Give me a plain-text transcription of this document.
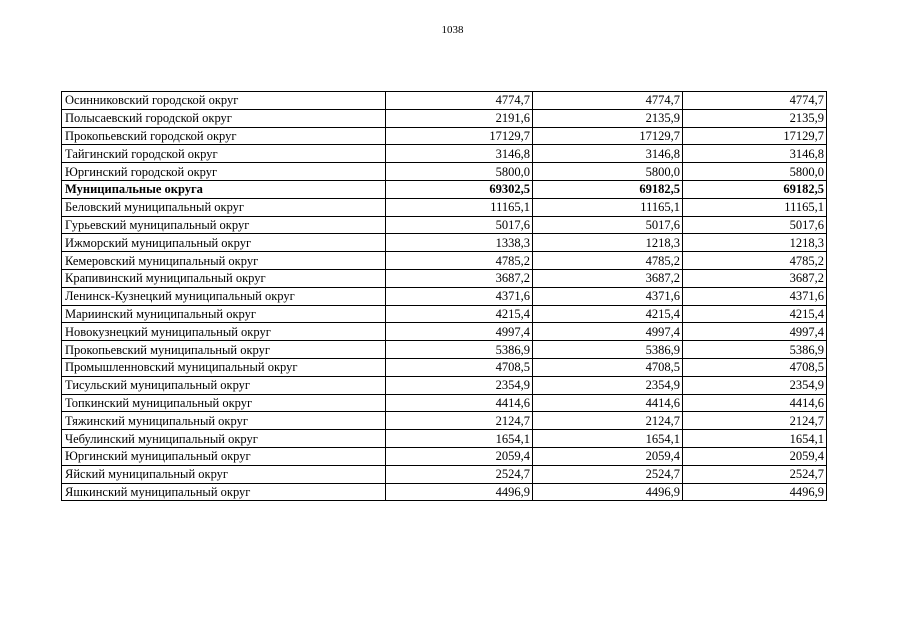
1038
Осинниковский городской округ	4774,7	4774,7	4774,7
Полысаевский городской округ	2191,6	2135,9	2135,9
Прокопьевский городской округ	17129,7	17129,7	17129,7
Тайгинский городской округ	3146,8	3146,8	3146,8
Юргинский городской округ	5800,0	5800,0	5800,0
Муниципальные округа	69302,5	69182,5	69182,5
Беловский муниципальный округ	11165,1	11165,1	11165,1
Гурьевский муниципальный округ	5017,6	5017,6	5017,6
Ижморский муниципальный округ	1338,3	1218,3	1218,3
Кемеровский муниципальный округ	4785,2	4785,2	4785,2
Крапивинский муниципальный округ	3687,2	3687,2	3687,2
Ленинск-Кузнецкий муниципальный округ	4371,6	4371,6	4371,6
Мариинский муниципальный округ	4215,4	4215,4	4215,4
Новокузнецкий муниципальный округ	4997,4	4997,4	4997,4
Прокопьевский муниципальный округ	5386,9	5386,9	5386,9
Промышленновский муниципальный округ	4708,5	4708,5	4708,5
Тисульский муниципальный округ	2354,9	2354,9	2354,9
Топкинский муниципальный округ	4414,6	4414,6	4414,6
Тяжинский муниципальный округ	2124,7	2124,7	2124,7
Чебулинский муниципальный округ	1654,1	1654,1	1654,1
Юргинский муниципальный округ	2059,4	2059,4	2059,4
Яйский муниципальный округ	2524,7	2524,7	2524,7
Яшкинский муниципальный округ	4496,9	4496,9	4496,9
